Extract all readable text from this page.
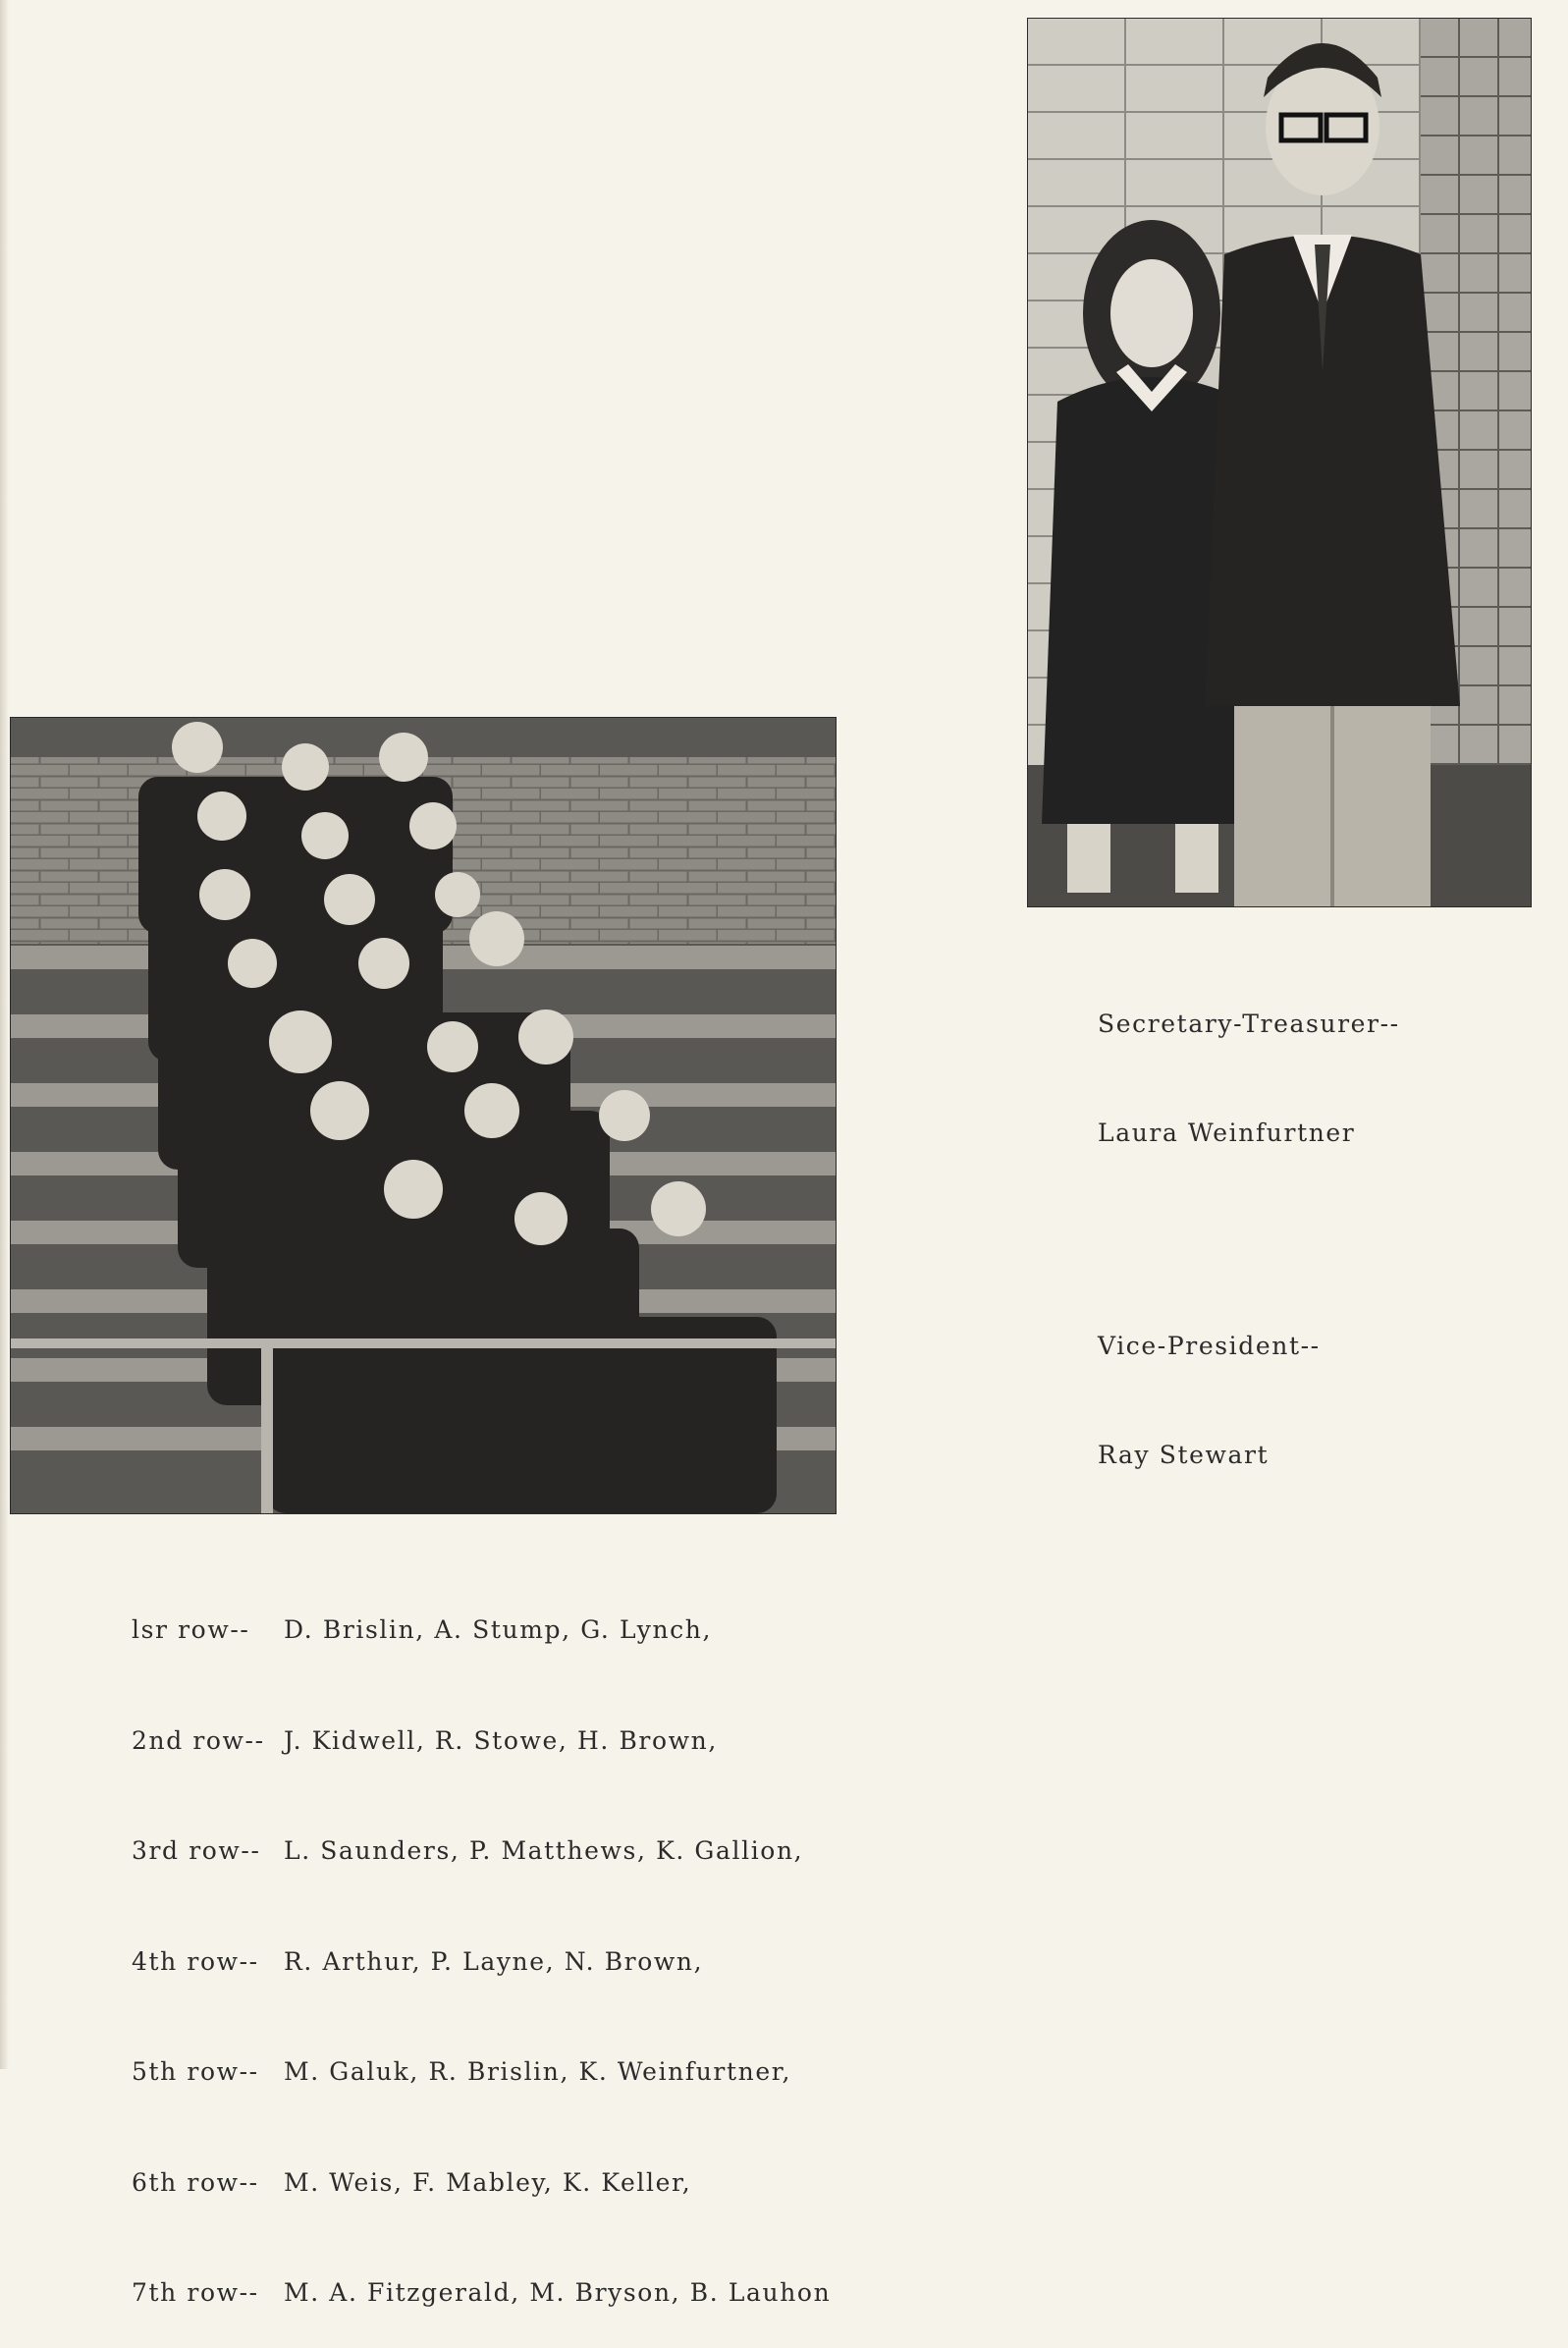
Secretary-Treasurer--

Laura Weinfurtner

Vice-President--

Ray Stewart

lsr row-- D. Brislin, A. Stump, G. Lynch,

2nd row-- J. Kidwell, R. Stowe, H. Brown,

3rd row-- L. Saunders, P. Matthews, K. Gallion,

4th row-- R. Arthur, P. Layne, N. Brown,

5th row-- M. Galuk, R. Brislin, K. Weinfurtner,

6th row-- M. Weis, F. Mabley, K. Keller,

7th row-- M. A. Fitzgerald, M. Bryson, B. Lauhon
